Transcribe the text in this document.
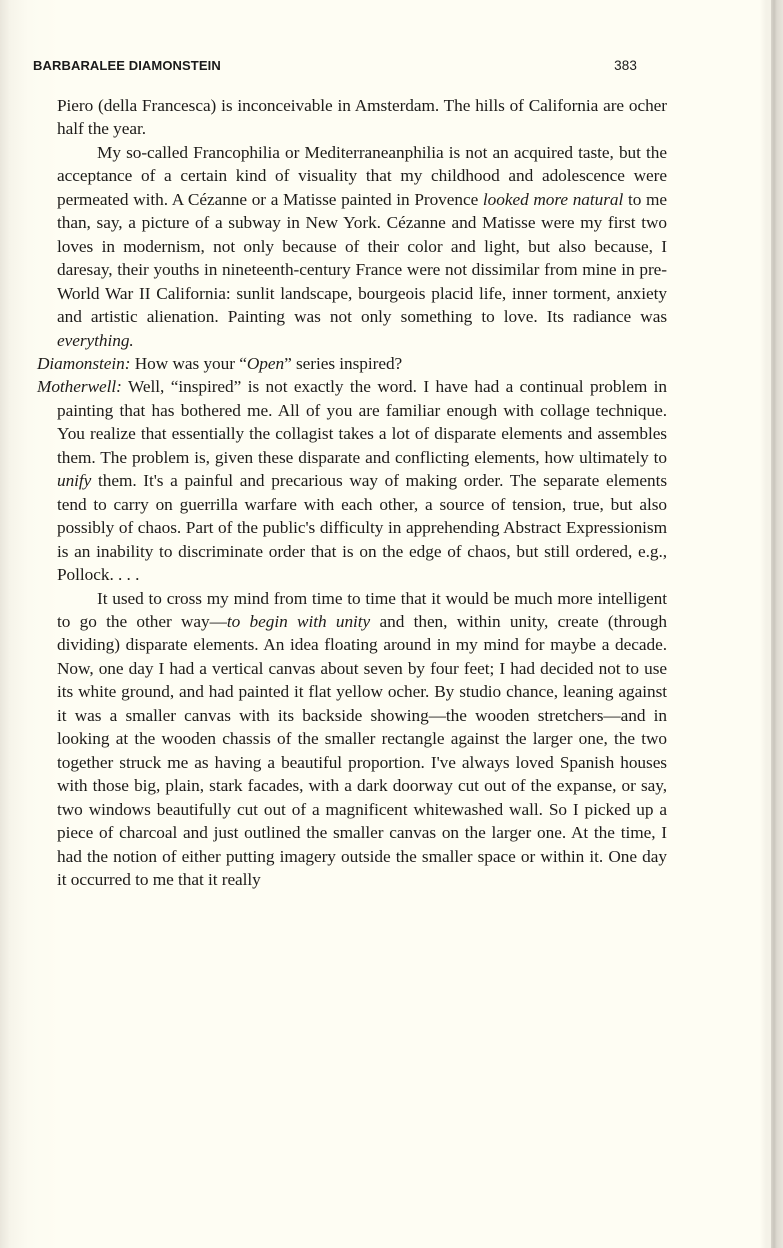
BARBARALEE DIAMONSTEIN	383

Piero (della Francesca) is inconceivable in Amsterdam. The hills of California are ocher half the year.

My so-called Francophilia or Mediterraneanphilia is not an acquired taste, but the acceptance of a certain kind of visuality that my childhood and adolescence were permeated with. A Cézanne or a Matisse painted in Provence looked more natural to me than, say, a picture of a subway in New York. Cézanne and Matisse were my first two loves in modernism, not only because of their color and light, but also because, I daresay, their youths in nineteenth-century France were not dissimilar from mine in pre-World War II California: sunlit landscape, bourgeois placid life, inner torment, anxiety and artistic alienation. Painting was not only something to love. Its radiance was everything.

Diamonstein: How was your “Open” series inspired?

Motherwell: Well, “inspired” is not exactly the word. I have had a continual problem in painting that has bothered me. All of you are familiar enough with collage technique. You realize that essentially the collagist takes a lot of disparate elements and assembles them. The problem is, given these disparate and conflicting elements, how ultimately to unify them. It's a painful and precarious way of making order. The separate elements tend to carry on guerrilla warfare with each other, a source of tension, true, but also possibly of chaos. Part of the public's difficulty in apprehending Abstract Expressionism is an inability to discriminate order that is on the edge of chaos, but still ordered, e.g., Pollock. . . .

It used to cross my mind from time to time that it would be much more intelligent to go the other way—to begin with unity and then, within unity, create (through dividing) disparate elements. An idea floating around in my mind for maybe a decade. Now, one day I had a vertical canvas about seven by four feet; I had decided not to use its white ground, and had painted it flat yellow ocher. By studio chance, leaning against it was a smaller canvas with its backside showing—the wooden stretchers—and in looking at the wooden chassis of the smaller rectangle against the larger one, the two together struck me as having a beautiful proportion. I've always loved Spanish houses with those big, plain, stark facades, with a dark doorway cut out of the expanse, or say, two windows beautifully cut out of a magnificent whitewashed wall. So I picked up a piece of charcoal and just outlined the smaller canvas on the larger one. At the time, I had the notion of either putting imagery outside the smaller space or within it. One day it occurred to me that it really
